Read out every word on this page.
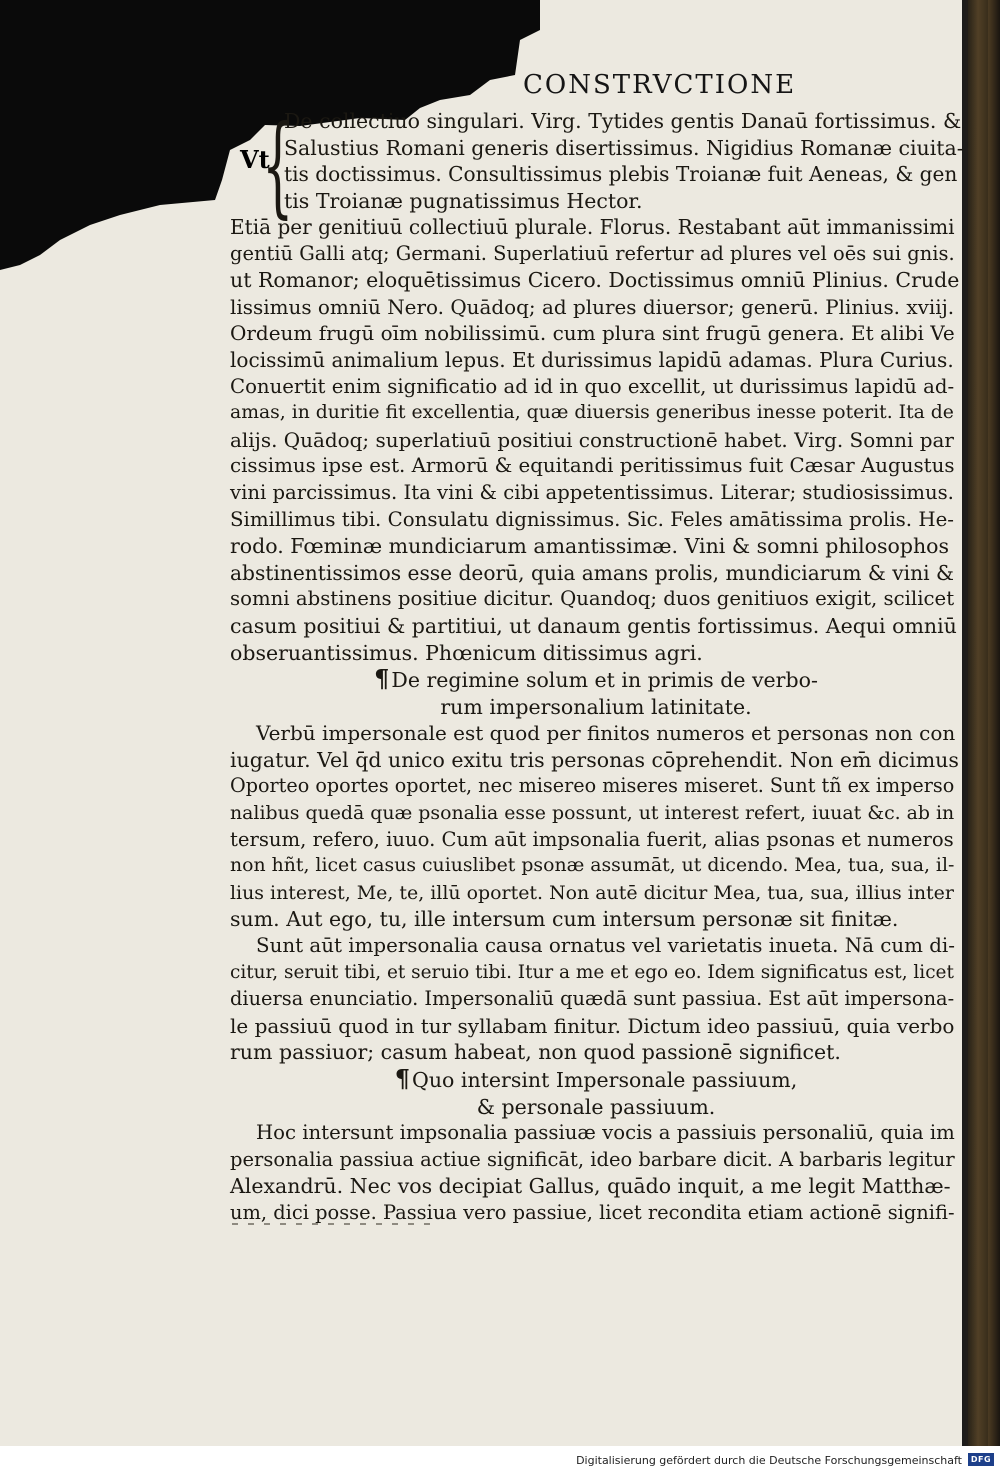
CONSTRVCTIONE
Vt
{
De collectiuo singulari. Virg. Tytides gentis Danaū fortissimus. &
Salustius Romani generis disertissimus. Nigidius Romanæ ciuita-
tis doctissimus. Consultissimus plebis Troianæ fuit Aeneas, & gen
tis Troianæ pugnatissimus Hector.
Etiā per genitiuū collectiuū plurale. Florus. Restabant aūt immanissimi
gentiū Galli atq; Germani. Superlatiuū refertur ad plures vel oēs sui gnis.
ut Romanor; eloquētissimus Cicero. Doctissimus omniū Plinius. Crude
lissimus omniū Nero. Quādoq; ad plures diuersor; generū. Plinius. xviij.
Ordeum frugū oīm nobilissimū. cum plura sint frugū genera. Et alibi Ve
locissimū animalium lepus. Et durissimus lapidū adamas. Plura Curius.
Conuertit enim significatio ad id in quo excellit, ut durissimus lapidū ad-
amas, in duritie fit excellentia, quæ diuersis generibus inesse poterit. Ita de
alijs. Quādoq; superlatiuū positiui constructionē habet. Virg. Somni par
cissimus ipse est. Armorū & equitandi peritissimus fuit Cæsar Augustus
vini parcissimus. Ita vini & cibi appetentissimus. Literar; studiosissimus.
Simillimus tibi. Consulatu dignissimus. Sic. Feles amātissima prolis. He-
rodo. Fœminæ mundiciarum amantissimæ. Vini & somni philosophos
abstinentissimos esse deorū, quia amans prolis, mundiciarum & vini &
somni abstinens positiue dicitur. Quandoq; duos genitiuos exigit, scilicet
casum positiui & partitiui, ut danaum gentis fortissimus. Aequi omniū
obseruantissimus. Phœnicum ditissimus agri.
¶De regimine solum et in primis de verbo-
rum impersonalium latinitate.
Verbū impersonale est quod per finitos numeros et personas non con
iugatur. Vel q̄d unico exitu tris personas cōprehendit. Non em̄ dicimus
Oporteo oportes oportet, nec misereo miseres miseret. Sunt tñ ex imperso
nalibus quedā quæ psonalia esse possunt, ut interest refert, iuuat &c. ab in
tersum, refero, iuuo. Cum aūt impsonalia fuerit, alias psonas et numeros
non hñt, licet casus cuiuslibet psonæ assumāt, ut dicendo. Mea, tua, sua, il-
lius interest, Me, te, illū oportet. Non autē dicitur Mea, tua, sua, illius inter
sum. Aut ego, tu, ille intersum cum intersum personæ sit finitæ.
Sunt aūt impersonalia causa ornatus vel varietatis inueta. Nā cum di-
citur, seruit tibi, et seruio tibi. Itur a me et ego eo. Idem significatus est, licet
diuersa enunciatio. Impersonaliū quædā sunt passiua. Est aūt impersona-
le passiuū quod in tur syllabam finitur. Dictum ideo passiuū, quia verbo
rum passiuor; casum habeat, non quod passionē significet.
¶Quo intersint Impersonale passiuum,
& personale passiuum.
Hoc intersunt impsonalia passiuæ vocis a passiuis personaliū, quia im
personalia passiua actiue significāt, ideo barbare dicit. A barbaris legitur
Alexandrū. Nec vos decipiat Gallus, quādo inquit, a me legit Matthæ-
um, dici posse. Passiua vero passiue, licet recondita etiam actionē signifi-
Digitalisierung gefördert durch die Deutsche Forschungsgemeinschaft	DFG
